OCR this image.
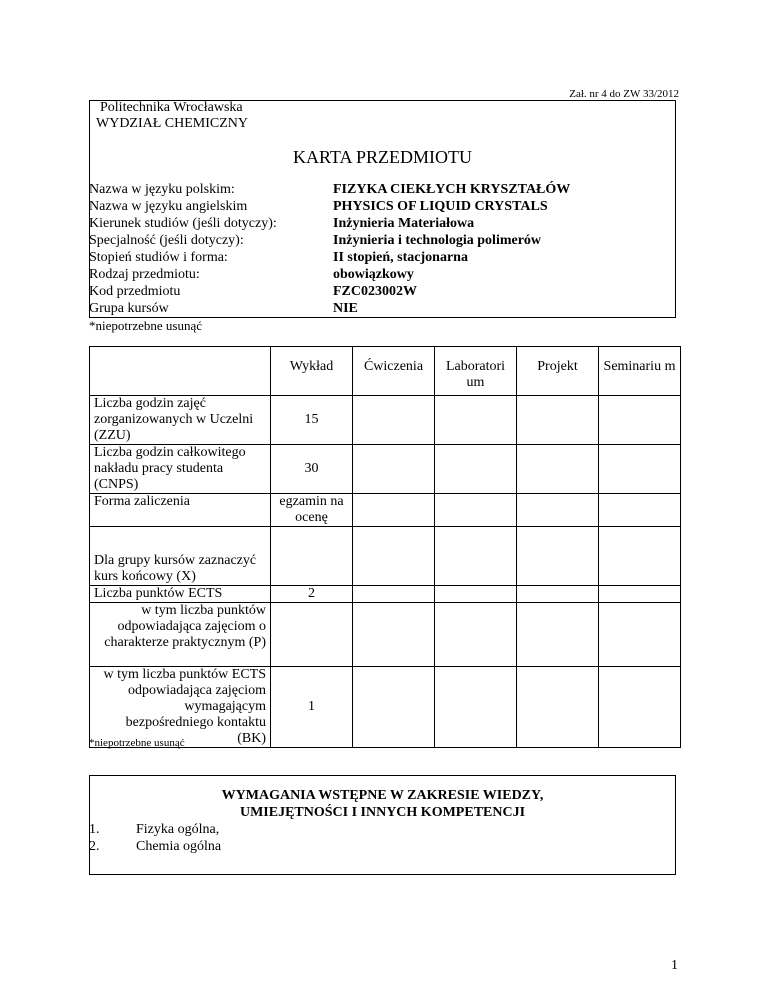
Zał. nr 4 do ZW 33/2012
Politechnika Wrocławska
WYDZIAŁ CHEMICZNY
KARTA PRZEDMIOTU
Nazwa w języku polskim:	FIZYKA CIEKŁYCH KRYSZTAŁÓW
Nazwa w języku angielskim	PHYSICS OF LIQUID CRYSTALS
Kierunek studiów (jeśli dotyczy):	Inżynieria Materiałowa
Specjalność (jeśli dotyczy):	Inżynieria i technologia polimerów
Stopień studiów i forma:	II stopień, stacjonarna
Rodzaj przedmiotu:	obowiązkowy
Kod przedmiotu	FZC023002W
Grupa kursów	NIE
*niepotrzebne usunąć
	Wykład	Ćwiczenia	Laboratori um	Projekt	Seminariu m
Liczba godzin zajęć zorganizowanych w Uczelni (ZZU)	15				
Liczba godzin całkowitego nakładu pracy studenta (CNPS)	30				
Forma zaliczenia	egzamin na ocenę				
Dla grupy kursów zaznaczyć kurs końcowy (X)					
Liczba punktów ECTS	2				
w tym liczba punktów odpowiadająca zajęciom o charakterze praktycznym (P)					
w tym liczba punktów ECTS odpowiadająca zajęciom wymagającym bezpośredniego kontaktu (BK)	1				
*niepotrzebne usunąć
WYMAGANIA WSTĘPNE W ZAKRESIE WIEDZY, UMIEJĘTNOŚCI I INNYCH KOMPETENCJI
1.	Fizyka ogólna,
2.	Chemia ogólna
1
